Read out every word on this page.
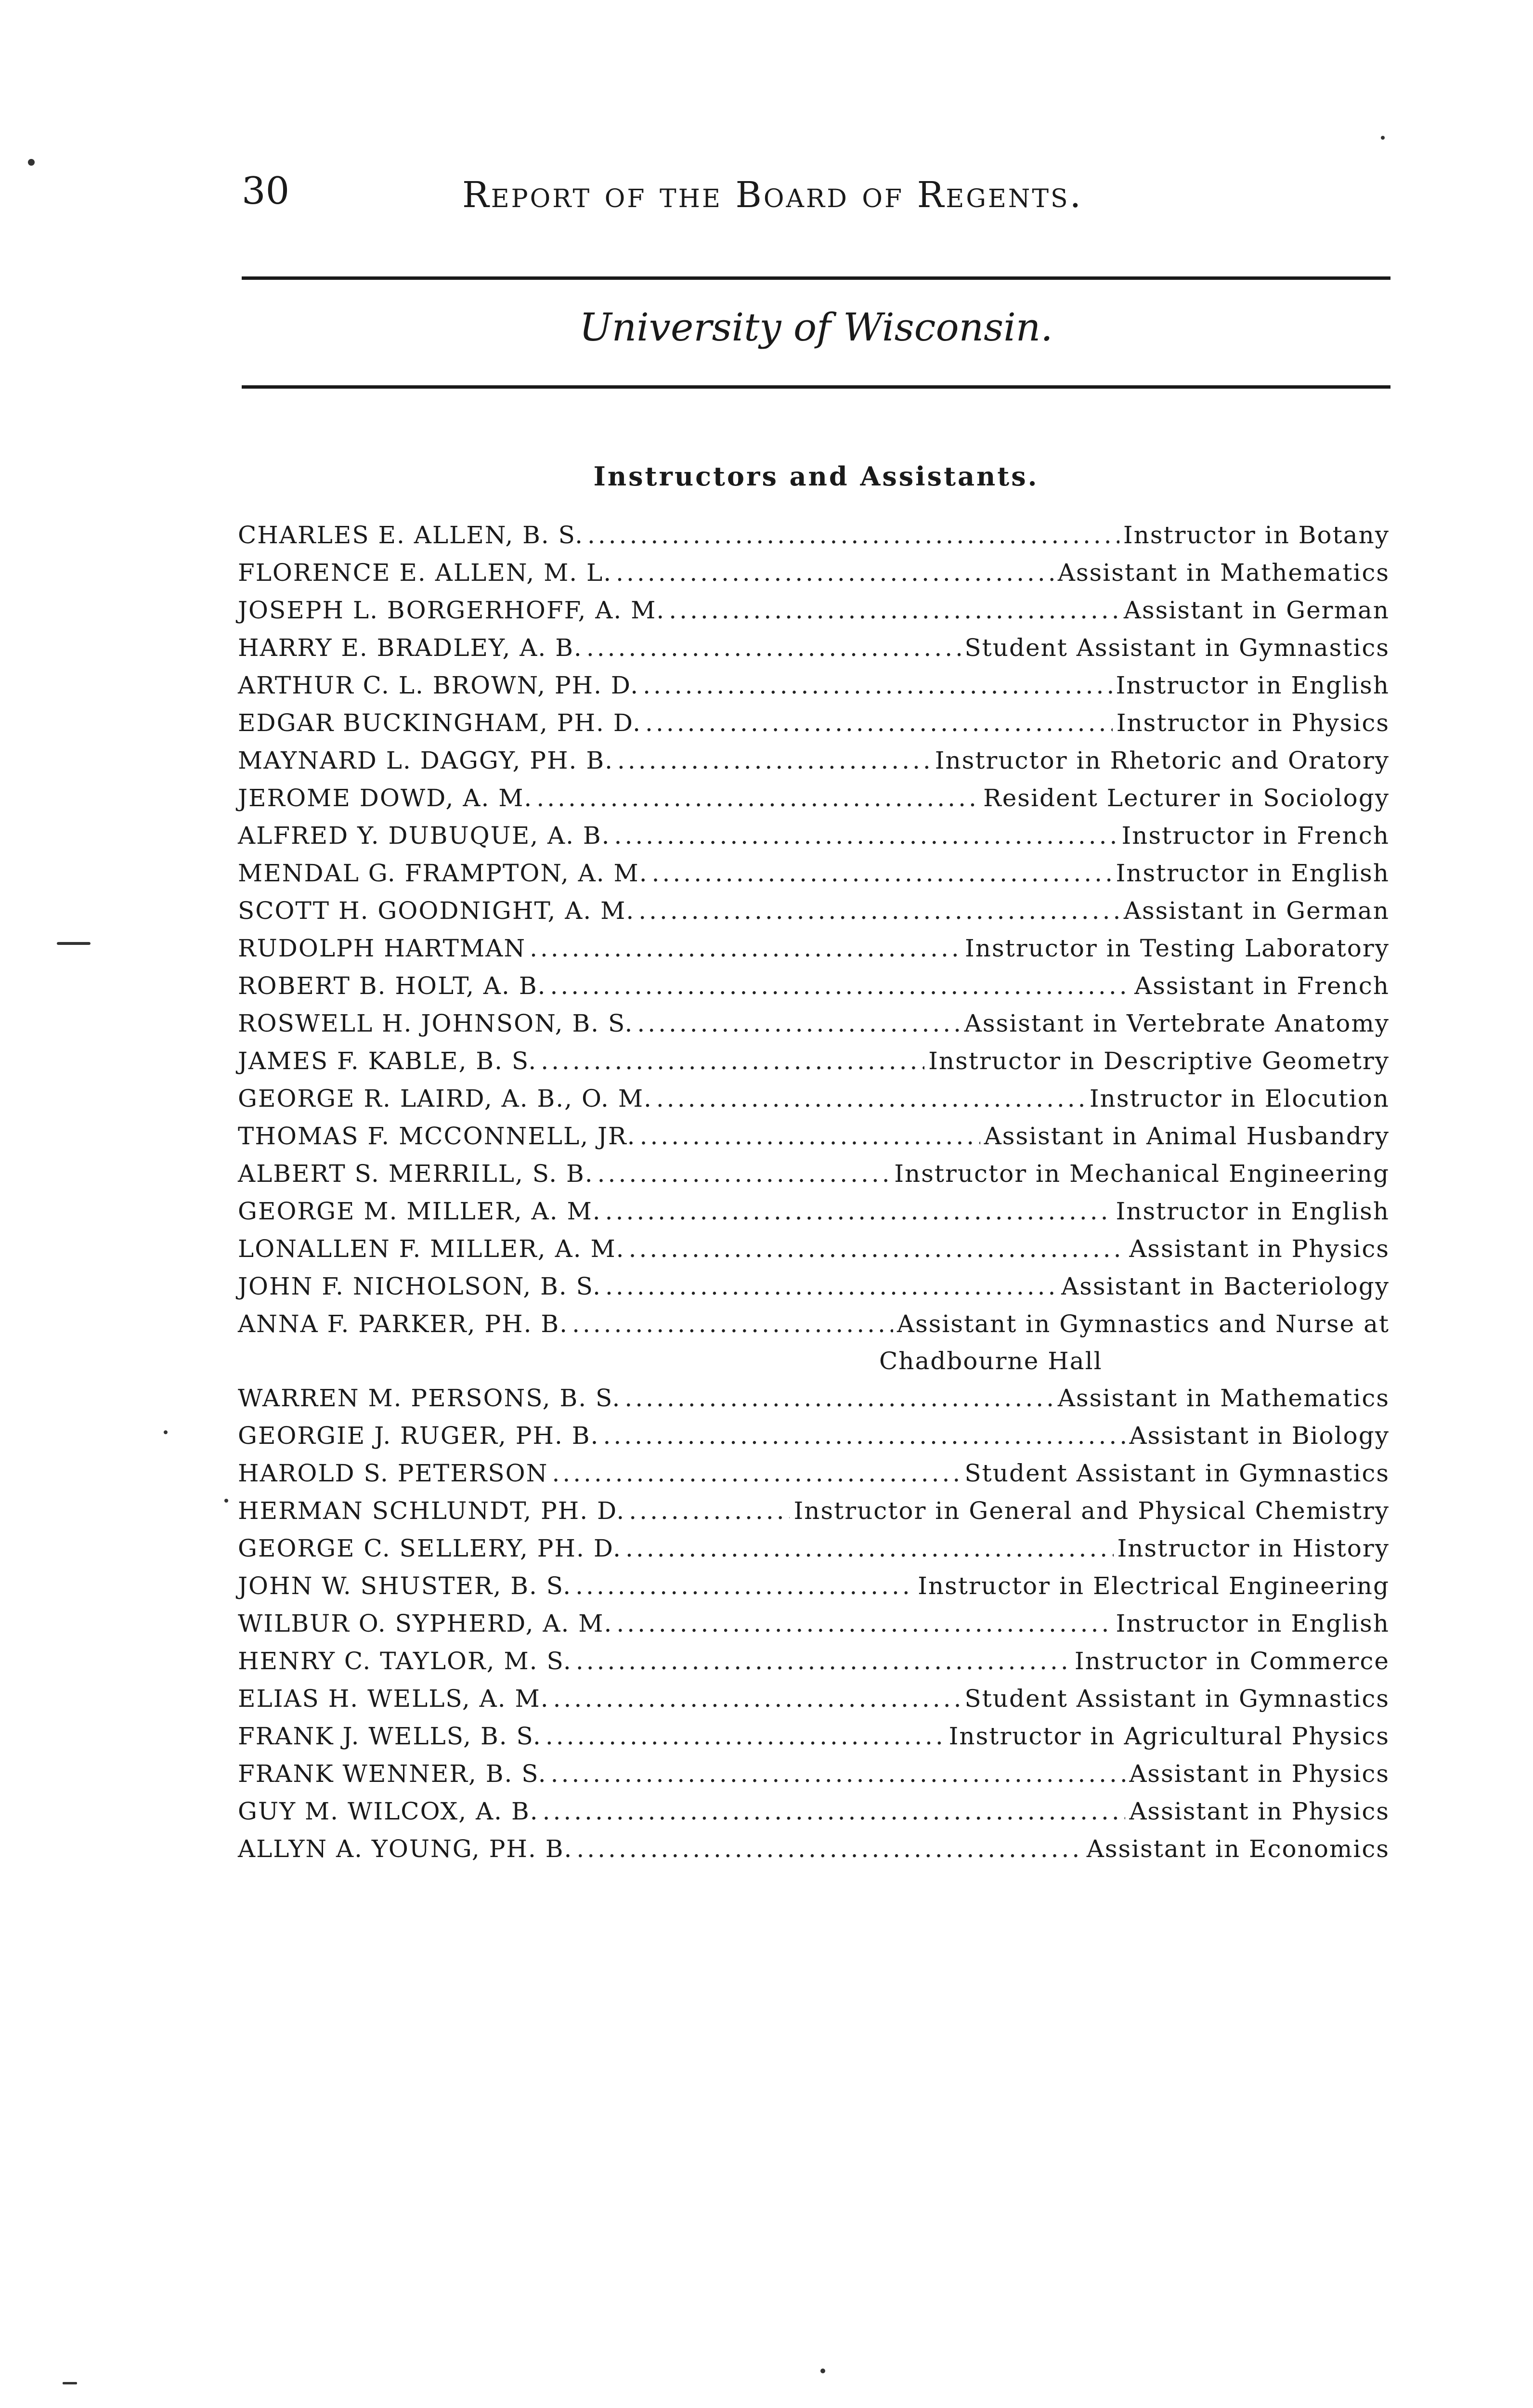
30	Report of the Board of Regents.
University of Wisconsin.
Instructors and Assistants.
CHARLES E. ALLEN, B. S. .....	Instructor in Botany
FLORENCE E. ALLEN, M. L. .....	Assistant in Mathematics
JOSEPH L. BORGERHOFF, A. M. .....	Assistant in German
HARRY E. BRADLEY, A. B. .....	Student Assistant in Gymnastics
ARTHUR C. L. BROWN, PH. D. .....	Instructor in English
EDGAR BUCKINGHAM, PH. D. .....	Instructor in Physics
MAYNARD L. DAGGY, PH. B. .....	Instructor in Rhetoric and Oratory
JEROME DOWD, A. M. .....	Resident Lecturer in Sociology
ALFRED Y. DUBUQUE, A. B. .....	Instructor in French
MENDAL G. FRAMPTON, A. M. .....	Instructor in English
SCOTT H. GOODNIGHT, A. M. .....	Assistant in German
RUDOLPH HARTMAN .....	Instructor in Testing Laboratory
ROBERT B. HOLT, A. B. .....	Assistant in French
ROSWELL H. JOHNSON, B. S. .....	Assistant in Vertebrate Anatomy
JAMES F. KABLE, B. S. .....	Instructor in Descriptive Geometry
GEORGE R. LAIRD, A. B., O. M. .....	Instructor in Elocution
THOMAS F. MCCONNELL, JR. .....	Assistant in Animal Husbandry
ALBERT S. MERRILL, S. B. .....	Instructor in Mechanical Engineering
GEORGE M. MILLER, A. M. .....	Instructor in English
LONALLEN F. MILLER, A. M. .....	Assistant in Physics
JOHN F. NICHOLSON, B. S. .....	Assistant in Bacteriology
ANNA F. PARKER, PH. B. .....	Assistant in Gymnastics and Nurse at
Chadbourne Hall
WARREN M. PERSONS, B. S. .....	Assistant in Mathematics
GEORGIE J. RUGER, PH. B. .....	Assistant in Biology
HAROLD S. PETERSON .....	Student Assistant in Gymnastics
HERMAN SCHLUNDT, PH. D. .....	Instructor in General and Physical Chemistry
GEORGE C. SELLERY, PH. D. .....	Instructor in History
JOHN W. SHUSTER, B. S. .....	Instructor in Electrical Engineering
WILBUR O. SYPHERD, A. M. .....	Instructor in English
HENRY C. TAYLOR, M. S. .....	Instructor in Commerce
ELIAS H. WELLS, A. M. .....	Student Assistant in Gymnastics
FRANK J. WELLS, B. S. .....	Instructor in Agricultural Physics
FRANK WENNER, B. S. .....	Assistant in Physics
GUY M. WILCOX, A. B. .....	Assistant in Physics
ALLYN A. YOUNG, PH. B. .....	Assistant in Economics
